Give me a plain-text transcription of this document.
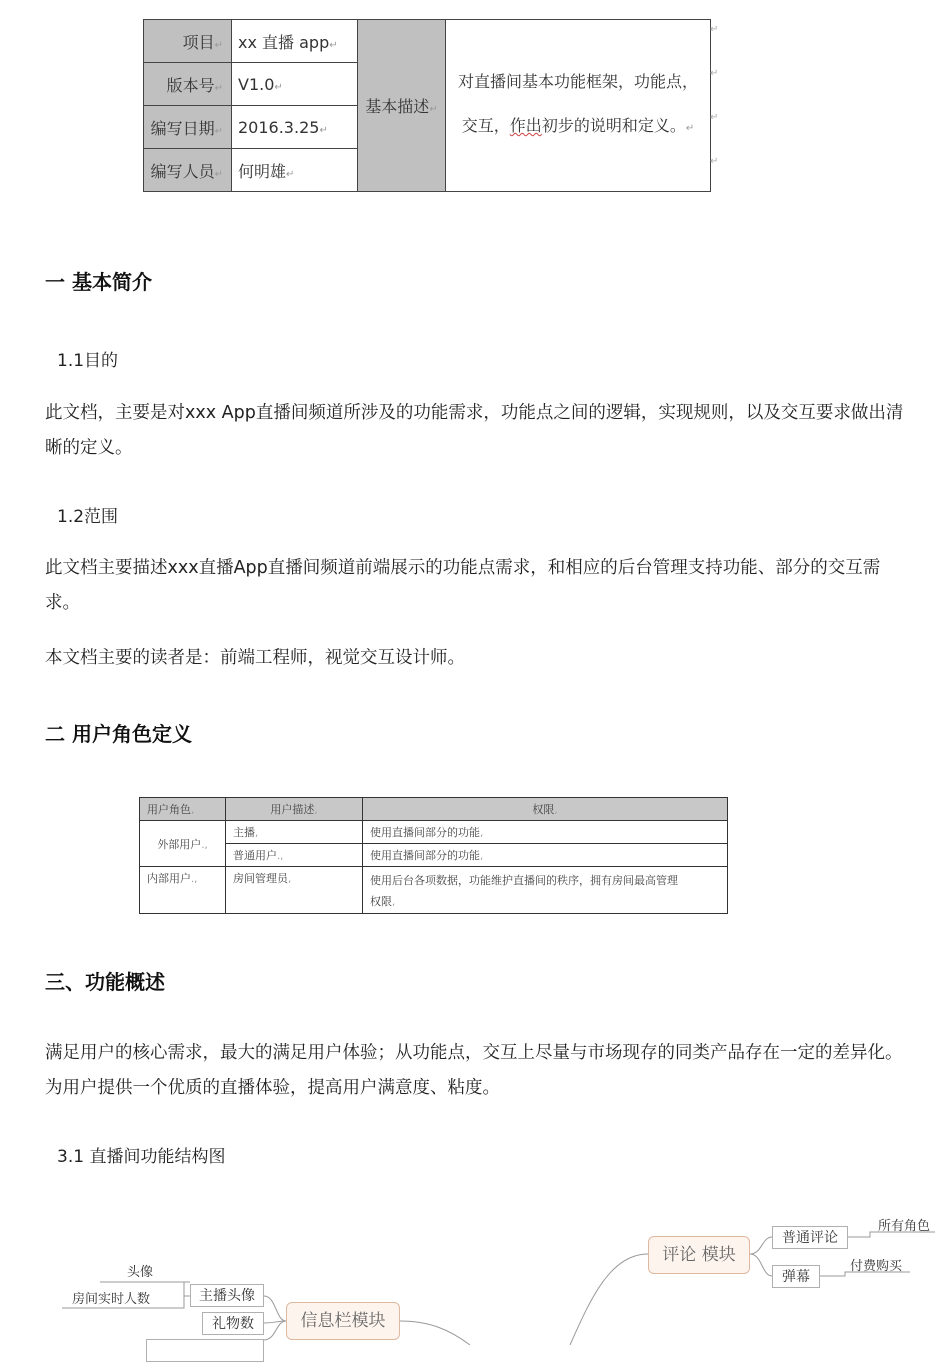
项目↵	xx 直播 app↵	基本描述↵	对直播间基本功能框架，功能点，
交互，作出初步的说明和定义。↵

版本号↵	V1.0↵		
编写日期↵	2016.3.25↵		
编写人员↵	何明雄↵		
↵
↵
↵
↵
一 基本简介
1.1目的

此文档，主要是对xxx App直播间频道所涉及的功能需求，功能点之间的逻辑，实现规则，以及交互要求做出清晰的定义。

1.2范围

此文档主要描述xxx直播App直播间频道前端展示的功能点需求，和相应的后台管理支持功能、部分的交互需求。

本文档主要的读者是：前端工程师，视觉交互设计师。

二 用户角色定义
用户角色,	用户描述,	权限,
外部用户.,	主播,	使用直播间部分的功能,
	普通用户.,	使用直播间部分的功能,
内部用户.,	房间管理员,	使用后台各项数据，功能维护直播间的秩序，拥有房间最高管理
权限,
三、功能概述

满足用户的核心需求，最大的满足用户体验；从功能点，交互上尽量与市场现存的同类产品存在一定的差异化。为用户提供一个优质的直播体验，提高用户满意度、粘度。

3.1 直播间功能结构图
评论 模块
普通评论
所有角色
弹幕
付费购买
信息栏模块
头像
主播头像
房间实时人数
礼物数
